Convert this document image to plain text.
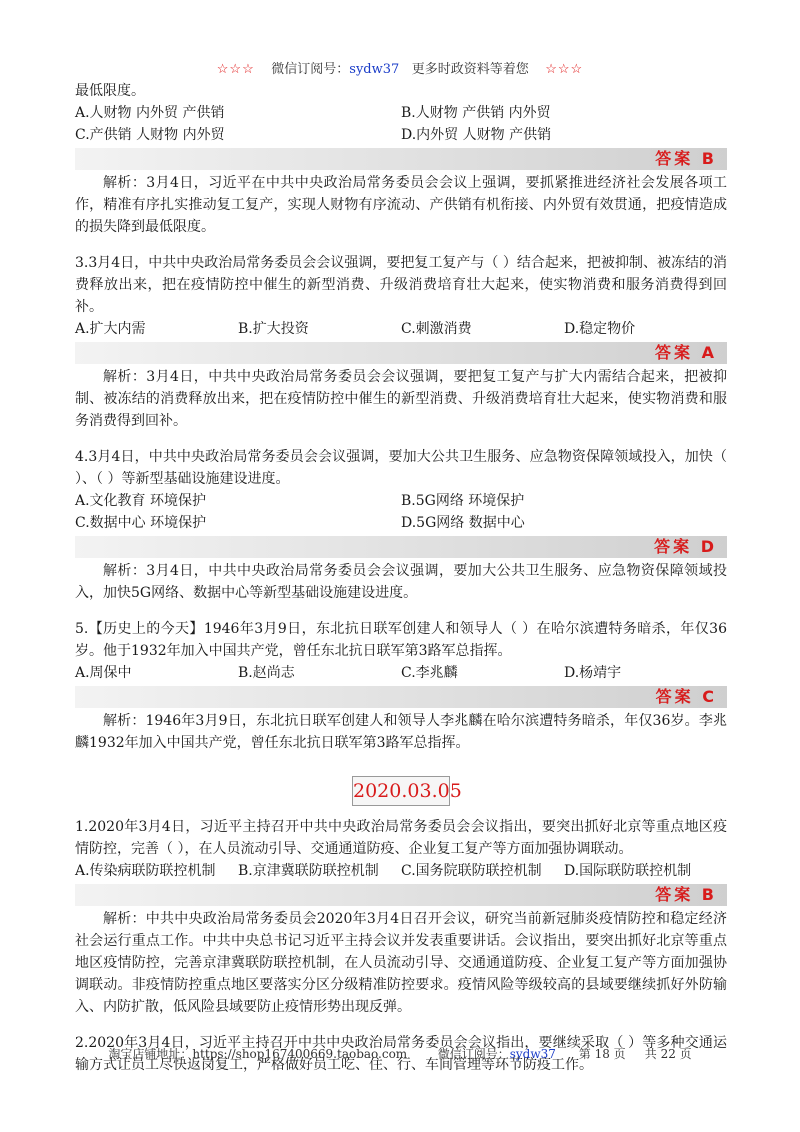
☆☆☆ 微信订阅号：sydw37 更多时政资料等着您 ☆☆☆
最低限度。
A.人财物 内外贸 产供销	B.人财物 产供销 内外贸
C.产供销 人财物 内外贸	D.内外贸 人财物 产供销
答案 B
解析：3月4日，习近平在中共中央政治局常务委员会会议上强调，要抓紧推进经济社会发展各项工作，精准有序扎实推动复工复产，实现人财物有序流动、产供销有机衔接、内外贸有效贯通，把疫情造成的损失降到最低限度。
3.3月4日，中共中央政治局常务委员会会议强调，要把复工复产与（ ）结合起来，把被抑制、被冻结的消费释放出来，把在疫情防控中催生的新型消费、升级消费培育壮大起来，使实物消费和服务消费得到回补。
A.扩大内需	B.扩大投资	C.刺激消费	D.稳定物价
答案 A
解析：3月4日，中共中央政治局常务委员会会议强调，要把复工复产与扩大内需结合起来，把被抑制、被冻结的消费释放出来，把在疫情防控中催生的新型消费、升级消费培育壮大起来，使实物消费和服务消费得到回补。
4.3月4日，中共中央政治局常务委员会会议强调，要加大公共卫生服务、应急物资保障领域投入，加快（ ）、（ ）等新型基础设施建设进度。
A.文化教育 环境保护	B.5G网络 环境保护
C.数据中心 环境保护	D.5G网络 数据中心
答案 D
解析：3月4日，中共中央政治局常务委员会会议强调，要加大公共卫生服务、应急物资保障领域投入，加快5G网络、数据中心等新型基础设施建设进度。
5.【历史上的今天】1946年3月9日，东北抗日联军创建人和领导人（ ）在哈尔滨遭特务暗杀，年仅36岁。他于1932年加入中国共产党，曾任东北抗日联军第3路军总指挥。
A.周保中	B.赵尚志	C.李兆麟	D.杨靖宇
答案 C
解析：1946年3月9日，东北抗日联军创建人和领导人李兆麟在哈尔滨遭特务暗杀，年仅36岁。李兆麟1932年加入中国共产党，曾任东北抗日联军第3路军总指挥。
2020.03.05
1.2020年3月4日，习近平主持召开中共中央政治局常务委员会会议指出，要突出抓好北京等重点地区疫情防控，完善（ ），在人员流动引导、交通通道防疫、企业复工复产等方面加强协调联动。
A.传染病联防联控机制	B.京津冀联防联控机制	C.国务院联防联控机制	D.国际联防联控机制
答案 B
解析：中共中央政治局常务委员会2020年3月4日召开会议，研究当前新冠肺炎疫情防控和稳定经济社会运行重点工作。中共中央总书记习近平主持会议并发表重要讲话。会议指出，要突出抓好北京等重点地区疫情防控，完善京津冀联防联控机制，在人员流动引导、交通通道防疫、企业复工复产等方面加强协调联动。非疫情防控重点地区要落实分区分级精准防控要求。疫情风险等级较高的县域要继续抓好外防输入、内防扩散，低风险县域要防止疫情形势出现反弹。
2.2020年3月4日，习近平主持召开中共中央政治局常务委员会会议指出，要继续采取（ ）等多种交通运输方式让员工尽快返岗复工，严格做好员工吃、住、行、车间管理等环节防疫工作。
淘宝店铺地址：https://shop167400669.taobao.com	微信订阅号：sydw37 第 18 页 共 22 页
